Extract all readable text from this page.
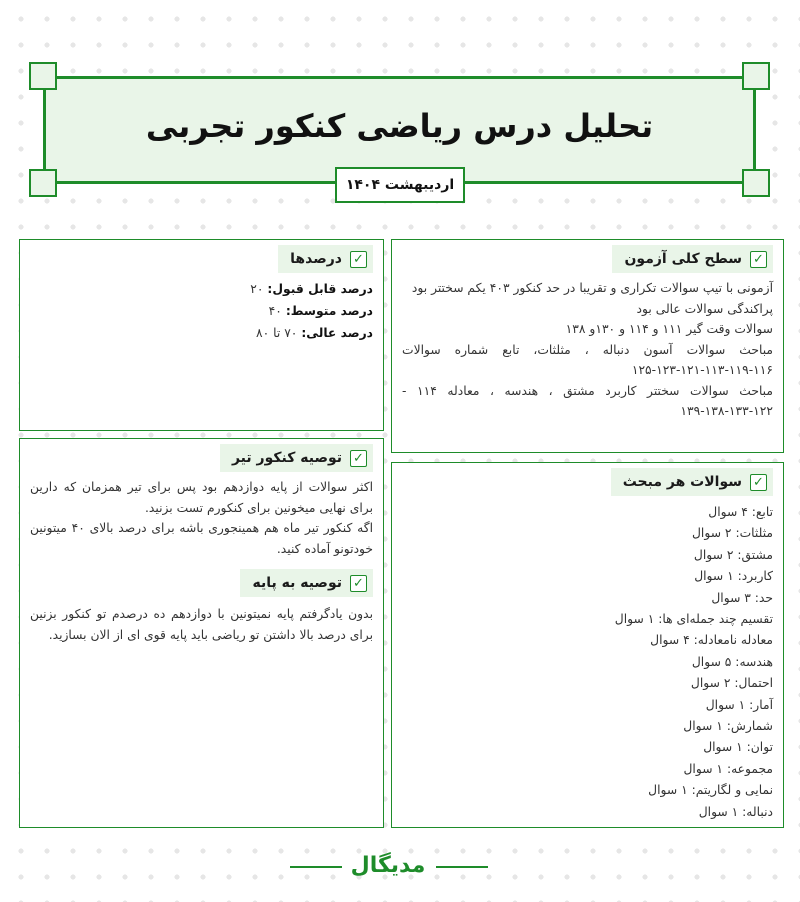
تحلیل درس ریاضی کنکور تجربی
اردیبهشت ۱۴۰۴
✓
سطح کلی آزمون
آزمونی با تیپ سوالات تکراری و تقریبا در حد کنکور ۴۰۳ یکم سختتر بود
پراکندگی سوالات عالی بود
سوالات وقت گیر ۱۱۱ و ۱۱۴ و ۱۳۰و ۱۳۸
مباحث سوالات آسون دنباله ، مثلثات، تابع شماره سوالات ۱۱۶-۱۱۹-۱۱۳-۱۲۱-۱۲۳-۱۲۵
مباحث سوالات سختتر کاربرد مشتق ، هندسه ، معادله ۱۱۴ - ۱۲۲-۱۳۳-۱۳۸-۱۳۹
✓
درصدها
درصد قابل قبول: ۲۰
درصد متوسط: ۴۰
درصد عالی: ۷۰ تا ۸۰
✓
سوالات هر مبحث
تابع: ۴ سوال
مثلثات: ۲ سوال
مشتق: ۲ سوال
کاربرد: ۱ سوال
حد: ۳ سوال
تقسیم چند جمله‌ای ها: ۱ سوال
معادله نامعادله: ۴ سوال
هندسه: ۵ سوال
احتمال: ۲ سوال
آمار: ۱ سوال
شمارش: ۱ سوال
توان: ۱ سوال
مجموعه: ۱ سوال
نمایی و لگاریتم: ۱ سوال
دنباله: ۱ سوال
✓
توصیه کنکور تیر
اکثر سوالات از پایه دوازدهم بود پس برای تیر همزمان که دارین برای نهایی میخونین برای کنکورم تست بزنید.
اگه کنکور تیر ماه هم همینجوری باشه برای درصد بالای ۴۰ میتونین خودتونو آماده کنید.
✓
توصیه به پایه
بدون یادگرفتم پایه نمیتونین با دوازدهم ده درصدم تو کنکور بزنین برای درصد بالا داشتن تو ریاضی باید پایه قوی ای از الان بسازید.
مدیگال
